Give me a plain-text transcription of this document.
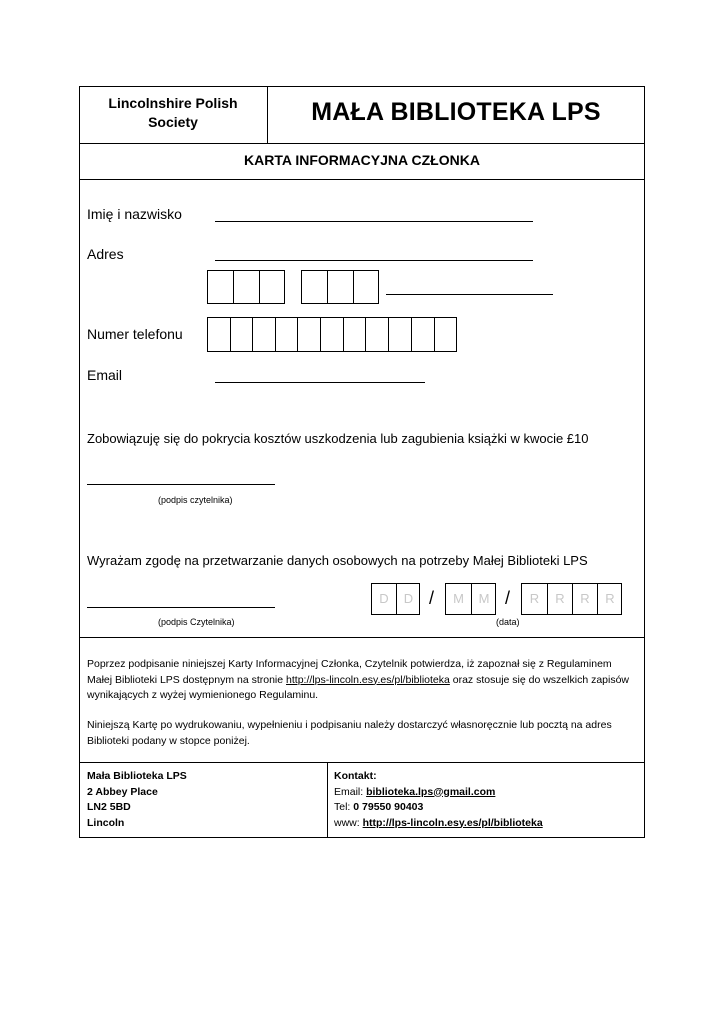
Lincolnshire Polish
Society	MAŁA BIBLIOTEKA LPS
KARTA INFORMACYJNA CZŁONKA
Imię i nazwisko
Adres
Numer telefonu
Email
Zobowiązuję się do pokrycia kosztów uszkodzenia lub zagubienia książki w kwocie £10
(podpis czytelnika)
Wyrażam zgodę na przetwarzanie danych osobowych na potrzeby Małej Biblioteki LPS
(podpis Czytelnika)
D	D /	M	M /	R	R	R	R
(data)
Poprzez podpisanie niniejszej Karty Informacyjnej Członka, Czytelnik potwierdza, iż zapoznał się z Regulaminem Małej Biblioteki LPS dostępnym na stronie http://lps-lincoln.esy.es/pl/biblioteka oraz stosuje się do wszelkich zapisów wynikających z wyżej wymienionego Regulaminu.
Niniejszą Kartę po wydrukowaniu, wypełnieniu i podpisaniu należy dostarczyć własnoręcznie lub pocztą na adres Biblioteki podany w stopce poniżej.
Mała Biblioteka LPS
2 Abbey Place
LN2 5BD
Lincoln
Kontakt:
Email: biblioteka.lps@gmail.com
Tel: 0 79550 90403
www: http://lps-lincoln.esy.es/pl/biblioteka
